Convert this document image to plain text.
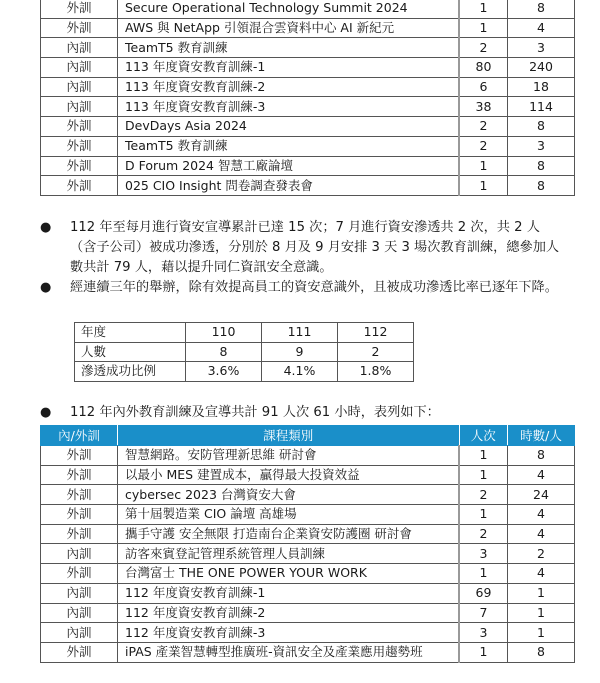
外訓	Secure Operational Technology Summit 2024	1	8
外訓	AWS 與 NetApp 引領混合雲資料中心 AI 新紀元	1	4
內訓	TeamT5 教育訓練	2	3
內訓	113 年度資安教育訓練-1	80	240
內訓	113 年度資安教育訓練-2	6	18
內訓	113 年度資安教育訓練-3	38	114
外訓	DevDays Asia 2024	2	8
外訓	TeamT5 教育訓練	2	3
外訓	D Forum 2024 智慧工廠論壇	1	8
外訓	025 CIO Insight 問卷調查發表會	1	8
● 112 年至每月進行資安宣導累計已達 15 次；7 月進行資安滲透共 2 次，共 2 人（含子公司）被成功滲透，分別於 8 月及 9 月安排 3 天 3 場次教育訓練，總參加人數共計 79 人，藉以提升同仁資訊安全意識。
● 經連續三年的舉辦，除有效提高員工的資安意識外，且被成功滲透比率已逐年下降。
年度	110	111	112
人數	8	9	2
滲透成功比例	3.6%	4.1%	1.8%
● 112 年內外教育訓練及宣導共計 91 人次 61 小時，表列如下：
內/外訓	課程類別	人次	時數/人
外訓	智慧網路。安防管理新思維 研討會	1	8
外訓	以最小 MES 建置成本，贏得最大投資效益	1	4
外訓	cybersec 2023 台灣資安大會	2	24
外訓	第十屆製造業 CIO 論壇 高雄場	1	4
外訓	攜手守護 安全無限 打造南台企業資安防護圈 研討會	2	4
內訓	訪客來賓登記管理系統管理人員訓練	3	2
外訓	台灣富士 THE ONE POWER YOUR WORK	1	4
內訓	112 年度資安教育訓練-1	69	1
內訓	112 年度資安教育訓練-2	7	1
內訓	112 年度資安教育訓練-3	3	1
外訓	iPAS 產業智慧轉型推廣班-資訊安全及產業應用趨勢班	1	8
